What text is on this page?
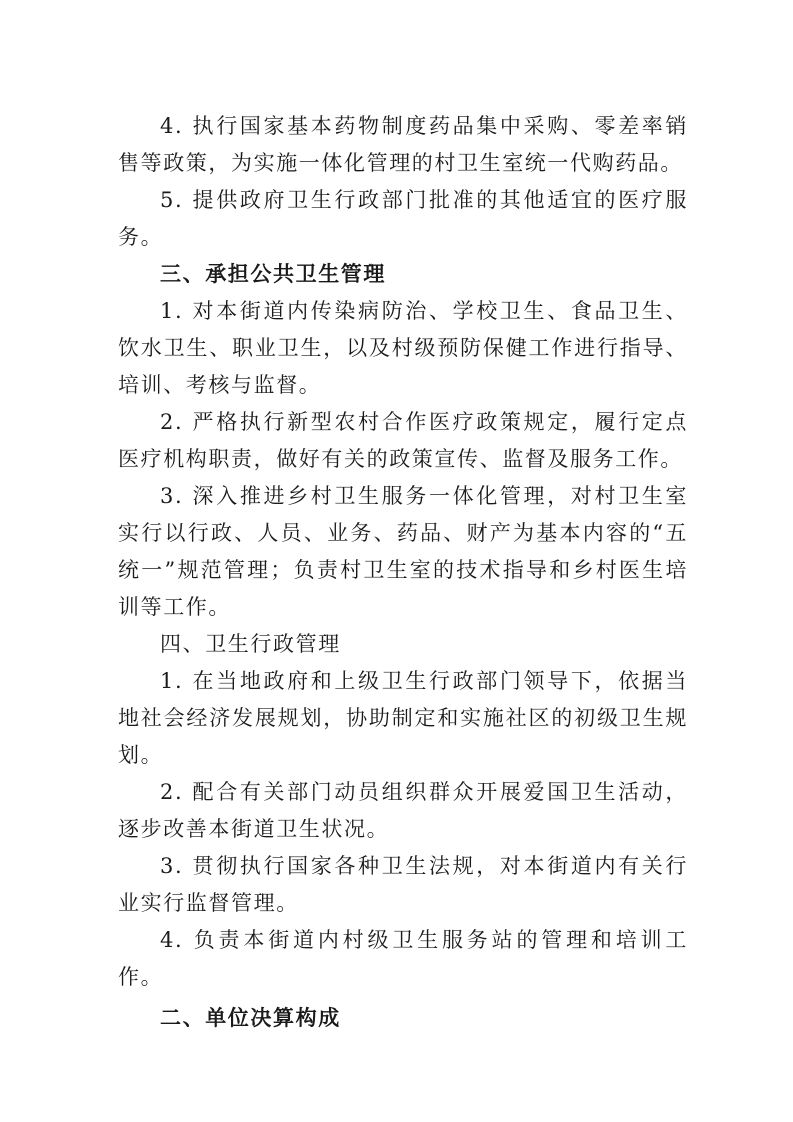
4. 执行国家基本药物制度药品集中采购、零差率销售等政策，为实施一体化管理的村卫生室统一代购药品。

5. 提供政府卫生行政部门批准的其他适宜的医疗服务。

三、承担公共卫生管理

1. 对本街道内传染病防治、学校卫生、食品卫生、饮水卫生、职业卫生，以及村级预防保健工作进行指导、培训、考核与监督。

2. 严格执行新型农村合作医疗政策规定，履行定点医疗机构职责，做好有关的政策宣传、监督及服务工作。

3. 深入推进乡村卫生服务一体化管理，对村卫生室实行以行政、人员、业务、药品、财产为基本内容的“五统一”规范管理；负责村卫生室的技术指导和乡村医生培训等工作。

四、卫生行政管理

1. 在当地政府和上级卫生行政部门领导下，依据当地社会经济发展规划，协助制定和实施社区的初级卫生规划。

2. 配合有关部门动员组织群众开展爱国卫生活动，逐步改善本街道卫生状况。

3. 贯彻执行国家各种卫生法规，对本街道内有关行业实行监督管理。

4. 负责本街道内村级卫生服务站的管理和培训工作。

二、单位决算构成
